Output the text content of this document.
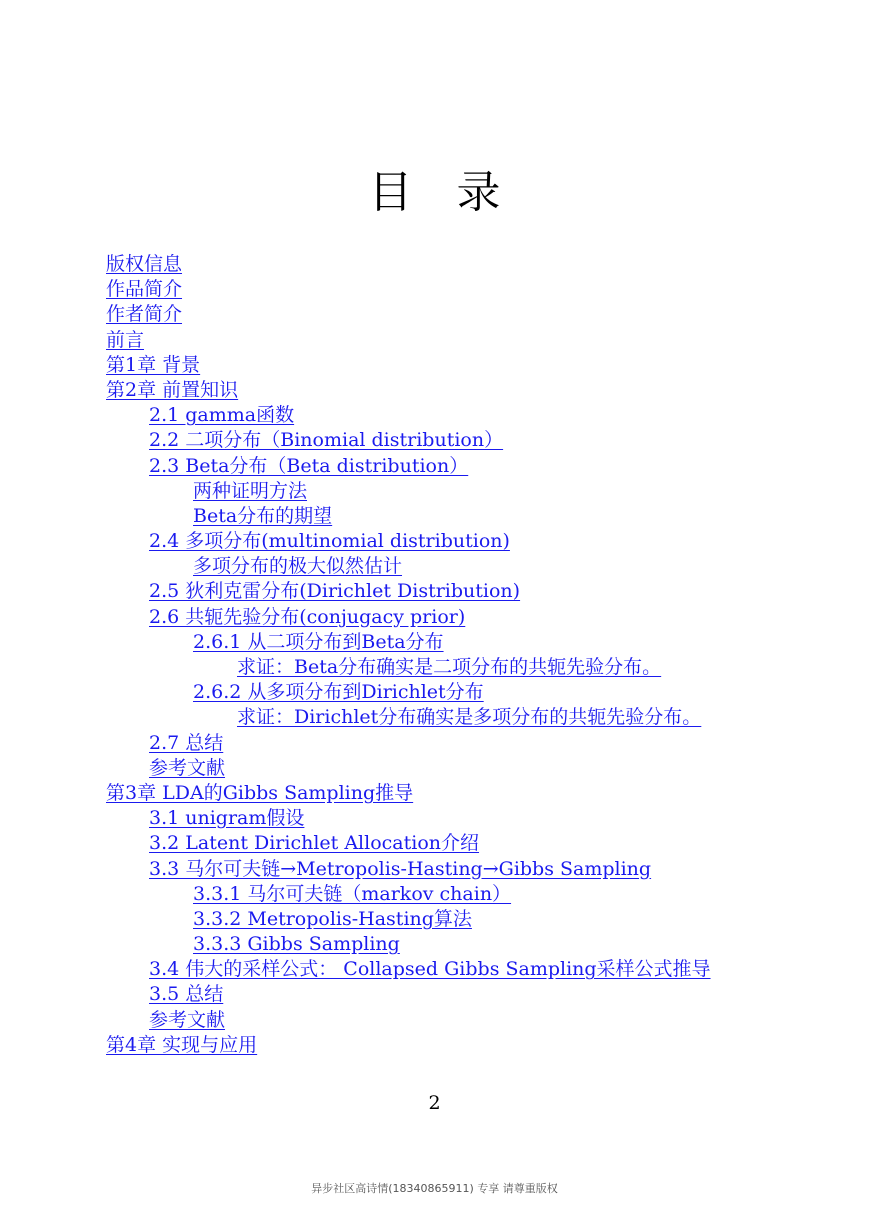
目 录
版权信息
作品简介
作者简介
前言
第1章 背景
第2章 前置知识
2.1 gamma函数
2.2 二项分布（Binomial distribution）
2.3 Beta分布（Beta distribution）
两种证明方法
Beta分布的期望
2.4 多项分布(multinomial distribution)
多项分布的极大似然估计
2.5 狄利克雷分布(Dirichlet Distribution)
2.6 共轭先验分布(conjugacy prior)
2.6.1 从二项分布到Beta分布
求证：Beta分布确实是二项分布的共轭先验分布。
2.6.2 从多项分布到Dirichlet分布
求证：Dirichlet分布确实是多项分布的共轭先验分布。
2.7 总结
参考文献
第3章 LDA的Gibbs Sampling推导
3.1 unigram假设
3.2 Latent Dirichlet Allocation介绍
3.3 马尔可夫链→Metropolis-Hasting→Gibbs Sampling
3.3.1 马尔可夫链（markov chain）
3.3.2 Metropolis-Hasting算法
3.3.3 Gibbs Sampling
3.4 伟大的采样公式： Collapsed Gibbs Sampling采样公式推导
3.5 总结
参考文献
第4章 实现与应用
2
异步社区高诗情(18340865911) 专享 请尊重版权
